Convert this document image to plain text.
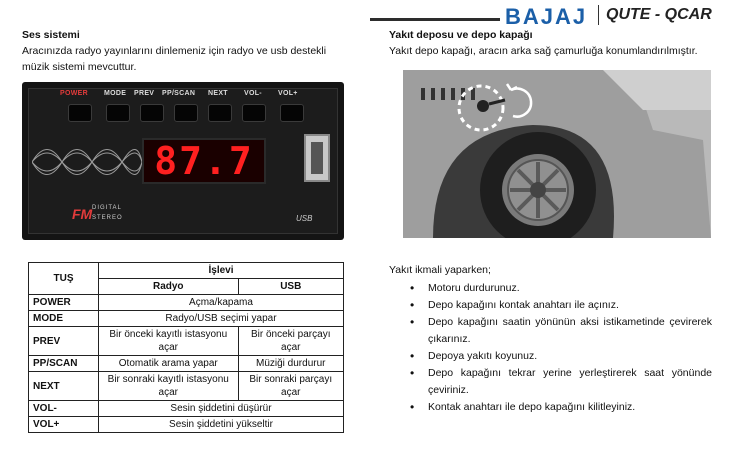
BAJAJ QUTE - QCAR
Ses sistemi
Aracınızda radyo yayınlarını dinlemeniz için radyo ve usb destekli müzik sistemi mevcuttur.
POWER MODE PREV PP/SCAN NEXT VOL- VOL+
87.7
FM DIGITAL
STEREO	USB
Yakıt deposu ve depo kapağı
Yakıt depo kapağı, aracın arka sağ çamurluğa konumlandırılmıştır.
TUŞ	İşlevi	
	Radyo	USB
POWER	Açma/kapama	
MODE	Radyo/USB seçimi yapar	
PREV	Bir önceki kayıtlı istasyonu açar	Bir önceki parçayı açar
PP/SCAN	Otomatik arama yapar	Müziği durdurur
NEXT	Bir sonraki kayıtlı istasyonu açar	Bir sonraki parçayı açar
VOL-	Sesin şiddetini düşürür	
VOL+	Sesin şiddetini yükseltir	
Yakıt ikmali yaparken;
• Motoru durdurunuz.
• Depo kapağını kontak anahtarı ile açınız.
• Depo kapağını saatin yönünün aksi istikametinde çevirerek çıkarınız.
• Depoya yakıtı koyunuz.
• Depo kapağını tekrar yerine yerleştirerek saat yönünde çeviriniz.
• Kontak anahtarı ile depo kapağını kilitleyiniz.
